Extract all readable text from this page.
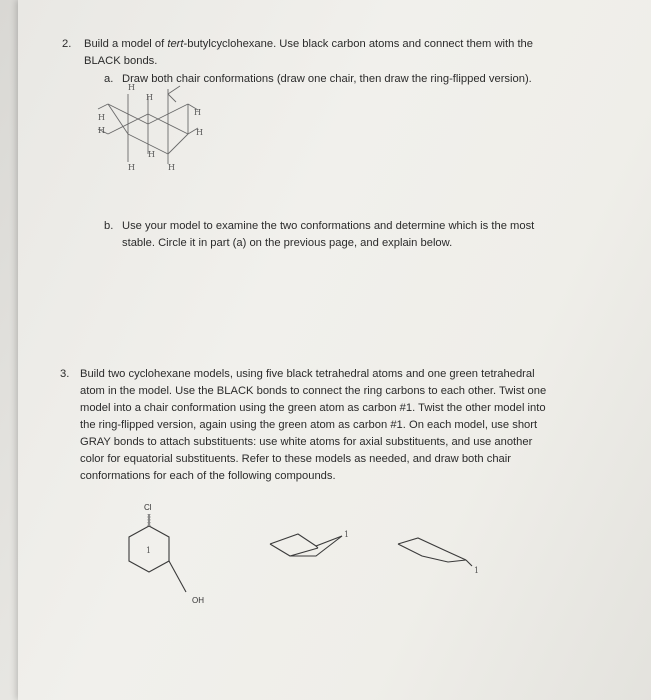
2. Build a model of tert-butylcyclohexane. Use black carbon atoms and connect them with the
BLACK bonds.
a. Draw both chair conformations (draw one chair, then draw the ring-flipped version).
H
H
H
H
H	H
H
H	H
b. Use your model to examine the two conformations and determine which is the most
stable. Circle it in part (a) on the previous page, and explain below.
3. Build two cyclohexane models, using five black tetrahedral atoms and one green tetrahedral
atom in the model. Use the BLACK bonds to connect the ring carbons to each other. Twist one
model into a chair conformation using the green atom as carbon #1. Twist the other model into
the ring-flipped version, again using the green atom as carbon #1. On each model, use short
GRAY bonds to attach substituents: use white atoms for axial substituents, and use another
color for equatorial substituents. Refer to these models as needed, and draw both chair
conformations for each of the following compounds.
Cl
1
OH
1
1
